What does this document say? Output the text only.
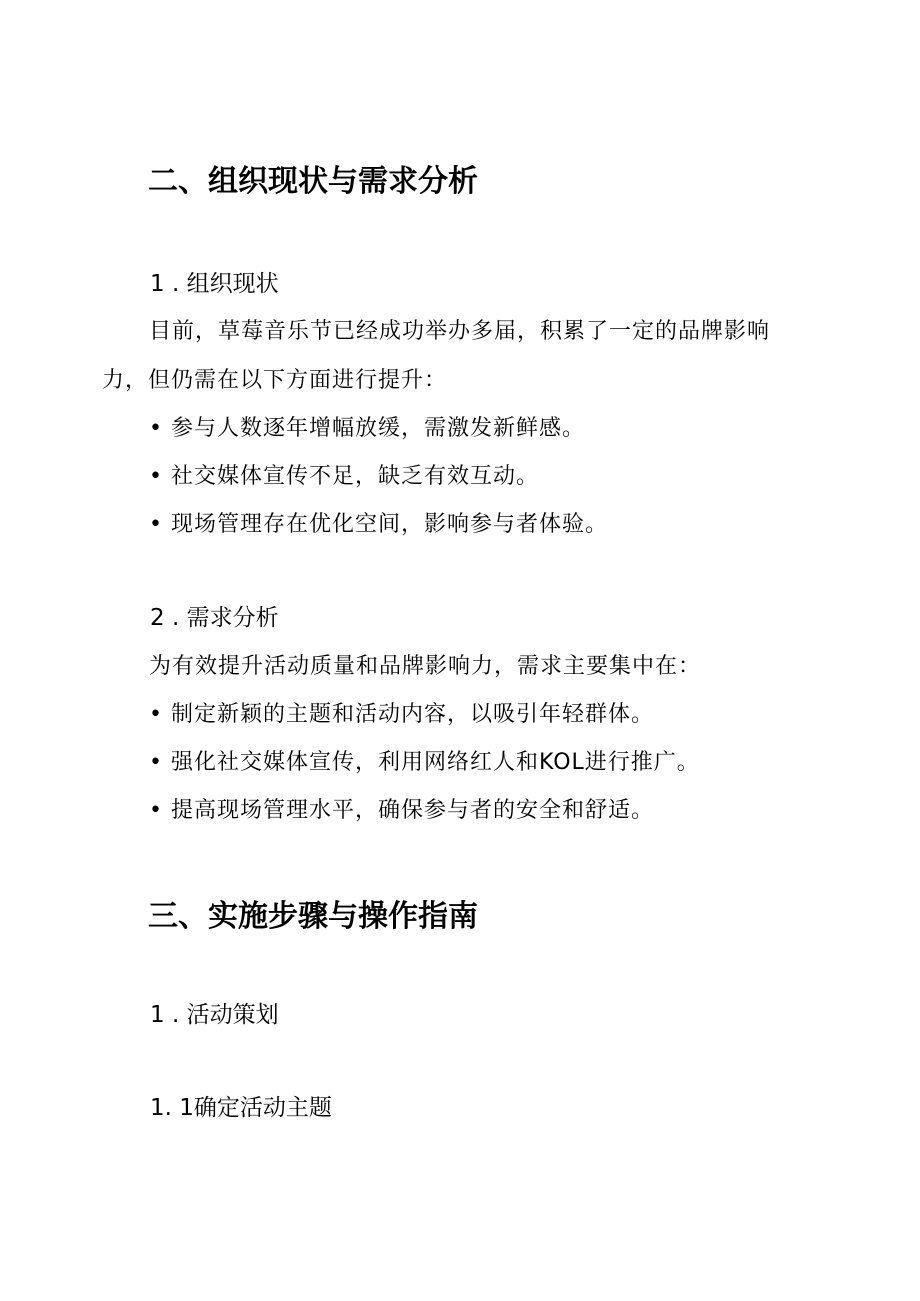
二、组织现状与需求分析
1 . 组织现状
目前，草莓音乐节已经成功举办多届，积累了一定的品牌影响
力，但仍需在以下方面进行提升：
• 参与人数逐年增幅放缓，需激发新鲜感。
• 社交媒体宣传不足，缺乏有效互动。
• 现场管理存在优化空间，影响参与者体验。
2 . 需求分析
为有效提升活动质量和品牌影响力，需求主要集中在：
• 制定新颖的主题和活动内容，以吸引年轻群体。
• 强化社交媒体宣传，利用网络红人和KOL进行推广。
• 提高现场管理水平，确保参与者的安全和舒适。
三、实施步骤与操作指南
1 . 活动策划
1. 1确定活动主题
